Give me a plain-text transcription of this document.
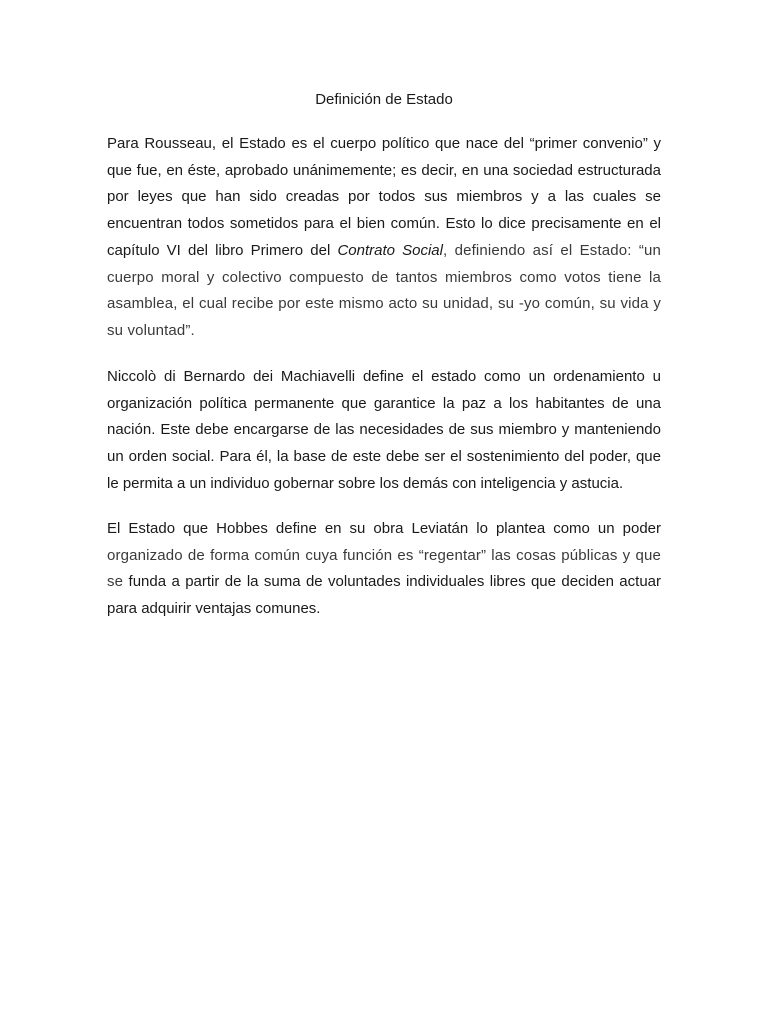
Definición de Estado

Para Rousseau, el Estado es el cuerpo político que nace del “primer convenio” y que fue, en éste, aprobado unánimemente; es decir, en una sociedad estructurada por leyes que han sido creadas por todos sus miembros y a las cuales se encuentran todos sometidos para el bien común. Esto lo dice precisamente en el capítulo VI del libro Primero del Contrato Social, definiendo así el Estado: “un cuerpo moral y colectivo compuesto de tantos miembros como votos tiene la asamblea, el cual recibe por este mismo acto su unidad, su -yo común, su vida y su voluntad”.

Niccolò di Bernardo dei Machiavelli define el estado como un ordenamiento u organización política permanente que garantice la paz a los habitantes de una nación. Este debe encargarse de las necesidades de sus miembro y manteniendo un orden social. Para él, la base de este debe ser el sostenimiento del poder, que le permita a un individuo gobernar sobre los demás con inteligencia y astucia.

El Estado que Hobbes define en su obra Leviatán lo plantea como un poder organizado de forma común cuya función es “regentar” las cosas públicas y que se funda a partir de la suma de voluntades individuales libres que deciden actuar para adquirir ventajas comunes.
